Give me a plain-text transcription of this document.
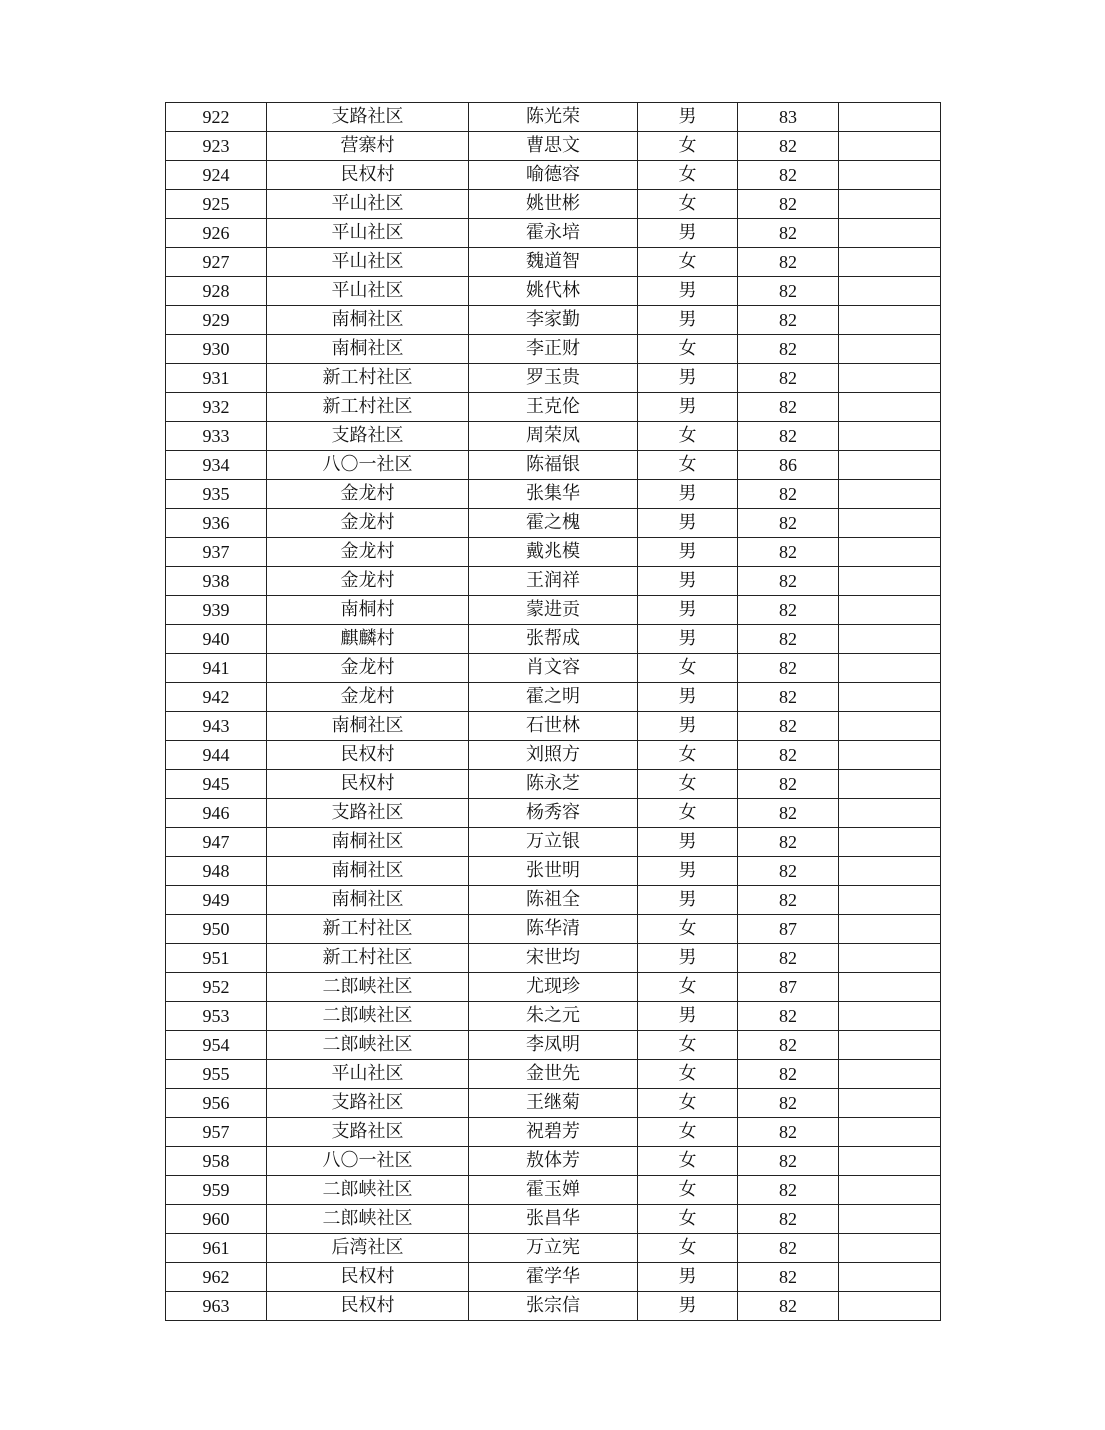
922	支路社区	陈光荣	男	83	
923	营寨村	曹思文	女	82	
924	民权村	喻德容	女	82	
925	平山社区	姚世彬	女	82	
926	平山社区	霍永培	男	82	
927	平山社区	魏道智	女	82	
928	平山社区	姚代林	男	82	
929	南桐社区	李家勤	男	82	
930	南桐社区	李正财	女	82	
931	新工村社区	罗玉贵	男	82	
932	新工村社区	王克伦	男	82	
933	支路社区	周荣凤	女	82	
934	八〇一社区	陈福银	女	86	
935	金龙村	张集华	男	82	
936	金龙村	霍之槐	男	82	
937	金龙村	戴兆模	男	82	
938	金龙村	王润祥	男	82	
939	南桐村	蒙进贡	男	82	
940	麒麟村	张帮成	男	82	
941	金龙村	肖文容	女	82	
942	金龙村	霍之明	男	82	
943	南桐社区	石世林	男	82	
944	民权村	刘照方	女	82	
945	民权村	陈永芝	女	82	
946	支路社区	杨秀容	女	82	
947	南桐社区	万立银	男	82	
948	南桐社区	张世明	男	82	
949	南桐社区	陈祖全	男	82	
950	新工村社区	陈华清	女	87	
951	新工村社区	宋世均	男	82	
952	二郎峡社区	尤现珍	女	87	
953	二郎峡社区	朱之元	男	82	
954	二郎峡社区	李凤明	女	82	
955	平山社区	金世先	女	82	
956	支路社区	王继菊	女	82	
957	支路社区	祝碧芳	女	82	
958	八〇一社区	敖体芳	女	82	
959	二郎峡社区	霍玉婵	女	82	
960	二郎峡社区	张昌华	女	82	
961	后湾社区	万立宪	女	82	
962	民权村	霍学华	男	82	
963	民权村	张宗信	男	82	
